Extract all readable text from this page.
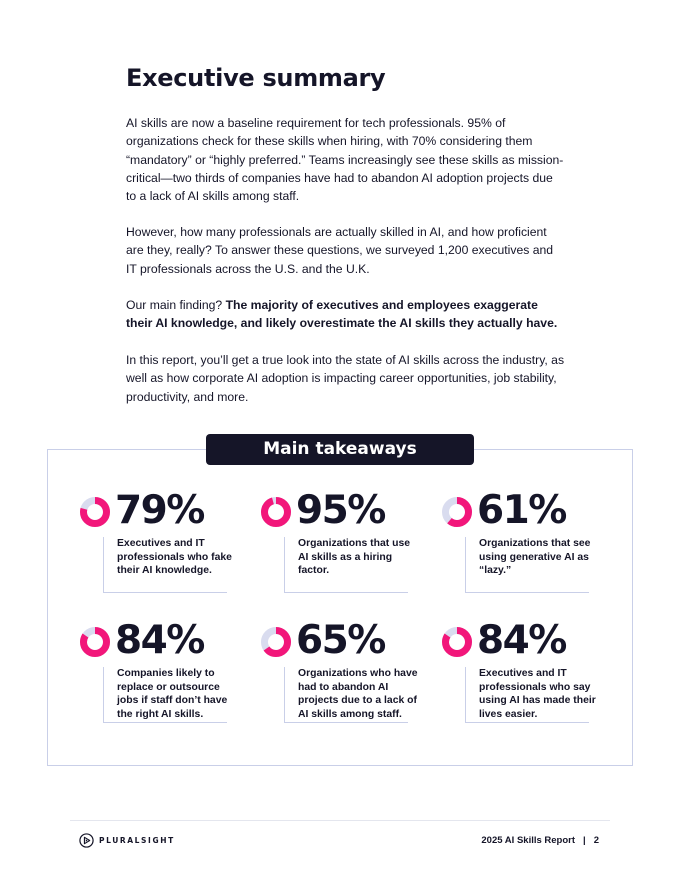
Executive summary

AI skills are now a baseline requirement for tech professionals. 95% of organizations check for these skills when hiring, with 70% considering them “mandatory” or “highly preferred.” Teams increasingly see these skills as mission-critical—two thirds of companies have had to abandon AI adoption projects due to a lack of AI skills among staff.

However, how many professionals are actually skilled in AI, and how proficient are they, really? To answer these questions, we surveyed 1,200 executives and IT professionals across the U.S. and the U.K.

Our main finding? The majority of executives and employees exaggerate their AI knowledge, and likely overestimate the AI skills they actually have.

In this report, you’ll get a true look into the state of AI skills across the industry, as well as how corporate AI adoption is impacting career opportunities, job stability, productivity, and more.

Main takeaways
79%
Executives and IT professionals who fake their AI knowledge.
95%
Organizations that use AI skills as a hiring factor.
61%
Organizations that see using generative AI as “lazy.”
84%
Companies likely to replace or outsource jobs if staff don’t have the right AI skills.
65%
Organizations who have had to abandon AI projects due to a lack of AI skills among staff.
84%
Executives and IT professionals who say using AI has made their lives easier.
PLURALSIGHT	2025 AI Skills Report | 2
